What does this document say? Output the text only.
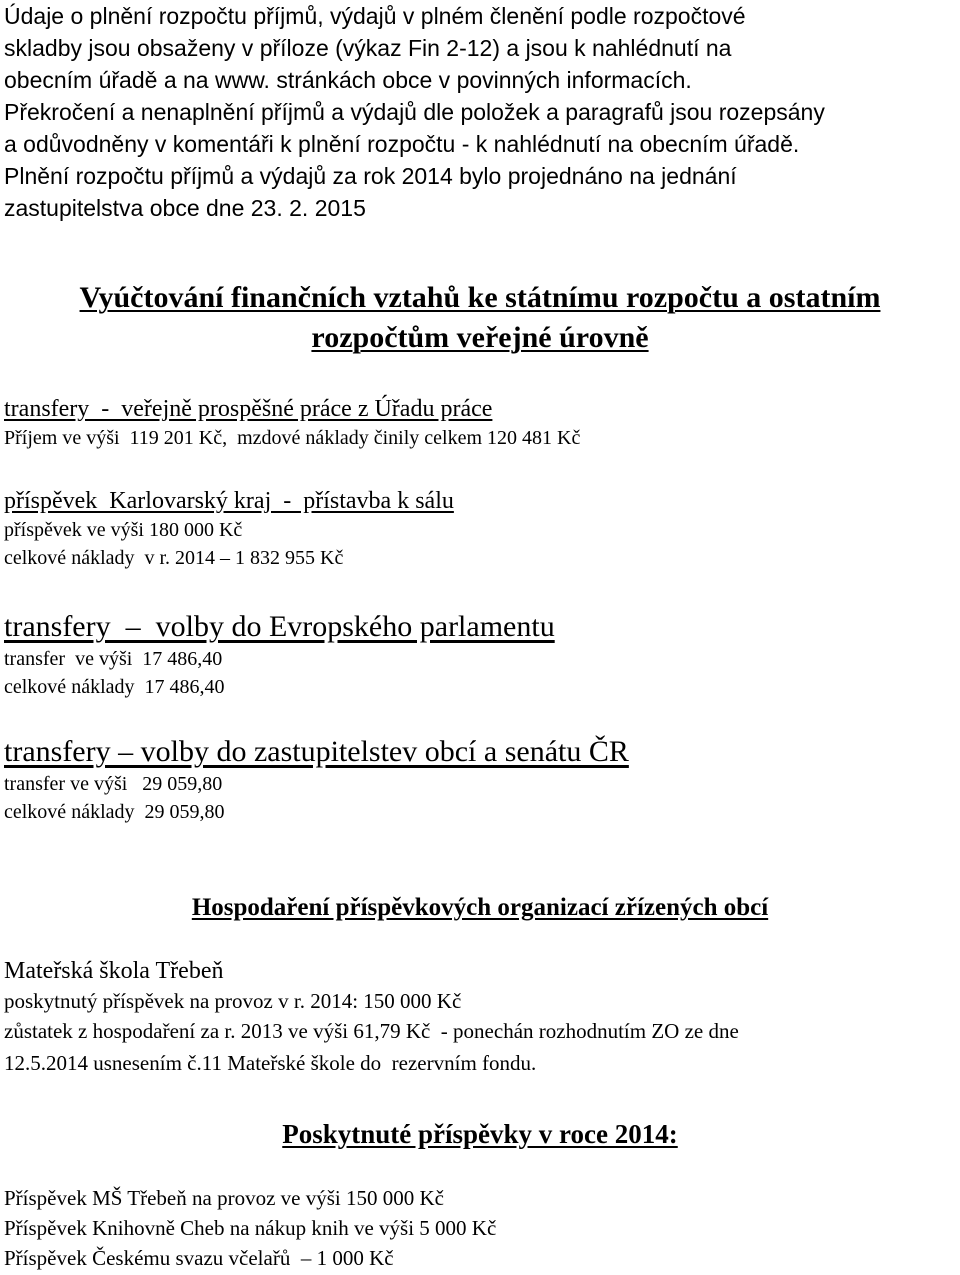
Údaje o plnění rozpočtu příjmů, výdajů v plném členění podle rozpočtové

skladby jsou obsaženy v příloze (výkaz Fin 2-12) a jsou k nahlédnutí na

obecním úřadě a na www. stránkách obce v povinných informacích.

Překročení a nenaplnění příjmů a výdajů dle položek a paragrafů jsou rozepsány

a odůvodněny v komentáři k plnění rozpočtu - k nahlédnutí na obecním úřadě.

Plnění rozpočtu příjmů a výdajů za rok 2014 bylo projednáno na jednání

zastupitelstva obce dne 23. 2. 2015

Vyúčtování finančních vztahů ke státnímu rozpočtu a ostatním
rozpočtům veřejné úrovně
transfery  -  veřejně prospěšné práce z Úřadu práce
Příjem ve výši  119 201 Kč,  mzdové náklady činily celkem 120 481 Kč
příspěvek  Karlovarský kraj  -  přístavba k sálu
příspěvek ve výši 180 000 Kč
celkové náklady  v r. 2014 – 1 832 955 Kč
transfery  –  volby do Evropského parlamentu
transfer  ve výši  17 486,40
celkové náklady  17 486,40
transfery – volby do zastupitelstev obcí a senátu ČR
transfer ve výši   29 059,80
celkové náklady  29 059,80
Hospodaření příspěvkových organizací zřízených obcí
Mateřská škola Třebeň
poskytnutý příspěvek na provoz v r. 2014: 150 000 Kč
zůstatek z hospodaření za r. 2013 ve výši 61,79 Kč  - ponechán rozhodnutím ZO ze dne
12.5.2014 usnesením č.11 Mateřské škole do  rezervním fondu.
Poskytnuté příspěvky v roce 2014:
Příspěvek MŠ Třebeň na provoz ve výši 150 000 Kč
Příspěvek Knihovně Cheb na nákup knih ve výši 5 000 Kč
Příspěvek Českému svazu včelařů  – 1 000 Kč
